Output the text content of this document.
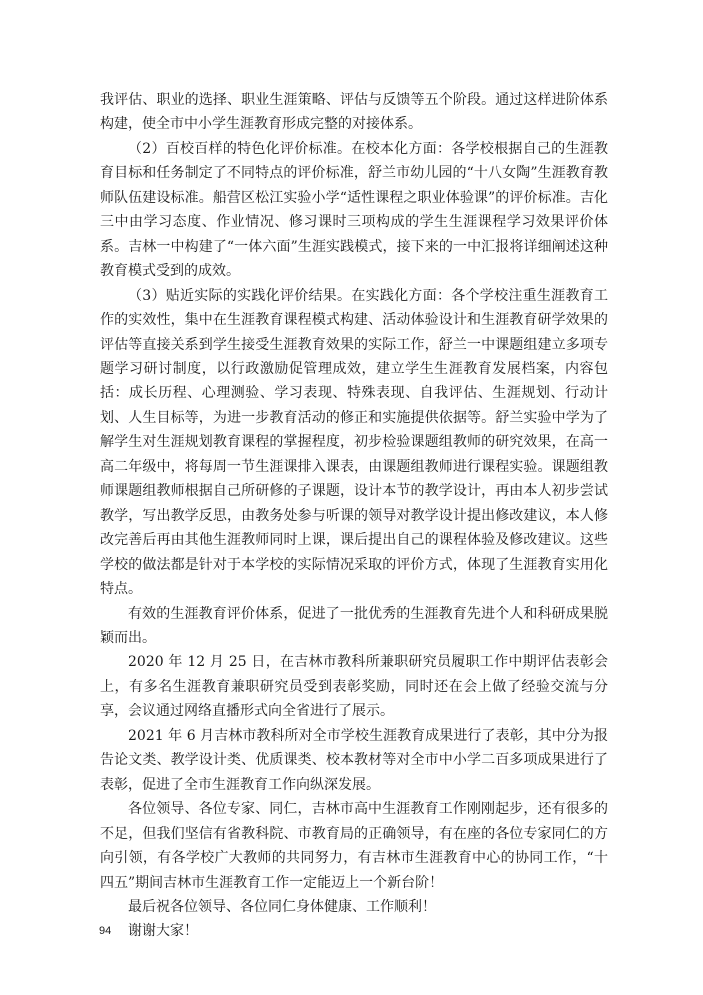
我评估、职业的选择、职业生涯策略、评估与反馈等五个阶段。通过这样进阶体系构建，使全市中小学生涯教育形成完整的对接体系。

（2）百校百样的特色化评价标准。在校本化方面：各学校根据自己的生涯教育目标和任务制定了不同特点的评价标准，舒兰市幼儿园的“十八女陶”生涯教育教师队伍建设标准。船营区松江实验小学“适性课程之职业体验课”的评价标准。吉化三中由学习态度、作业情况、修习课时三项构成的学生生涯课程学习效果评价体系。吉林一中构建了“一体六面”生涯实践模式，接下来的一中汇报将详细阐述这种教育模式受到的成效。

（3）贴近实际的实践化评价结果。在实践化方面：各个学校注重生涯教育工作的实效性，集中在生涯教育课程模式构建、活动体验设计和生涯教育研学效果的评估等直接关系到学生接受生涯教育效果的实际工作，舒兰一中课题组建立多项专题学习研讨制度，以行政激励促管理成效，建立学生生涯教育发展档案，内容包括：成长历程、心理测验、学习表现、特殊表现、自我评估、生涯规划、行动计划、人生目标等，为进一步教育活动的修正和实施提供依据等。舒兰实验中学为了解学生对生涯规划教育课程的掌握程度，初步检验课题组教师的研究效果，在高一高二年级中，将每周一节生涯课排入课表，由课题组教师进行课程实验。课题组教师课题组教师根据自己所研修的子课题，设计本节的教学设计，再由本人初步尝试教学，写出教学反思，由教务处参与听课的领导对教学设计提出修改建议，本人修改完善后再由其他生涯教师同时上课，课后提出自己的课程体验及修改建议。这些学校的做法都是针对于本学校的实际情况采取的评价方式，体现了生涯教育实用化特点。

有效的生涯教育评价体系，促进了一批优秀的生涯教育先进个人和科研成果脱颖而出。

2020 年 12 月 25 日，在吉林市教科所兼职研究员履职工作中期评估表彰会上，有多名生涯教育兼职研究员受到表彰奖励，同时还在会上做了经验交流与分享，会议通过网络直播形式向全省进行了展示。

2021 年 6 月吉林市教科所对全市学校生涯教育成果进行了表彰，其中分为报告论文类、教学设计类、优质课类、校本教材等对全市中小学二百多项成果进行了表彰，促进了全市生涯教育工作向纵深发展。

各位领导、各位专家、同仁，吉林市高中生涯教育工作刚刚起步，还有很多的不足，但我们坚信有省教科院、市教育局的正确领导，有在座的各位专家同仁的方向引领，有各学校广大教师的共同努力，有吉林市生涯教育中心的协同工作，“十四五”期间吉林市生涯教育工作一定能迈上一个新台阶！

最后祝各位领导、各位同仁身体健康、工作顺利！

谢谢大家！

94
